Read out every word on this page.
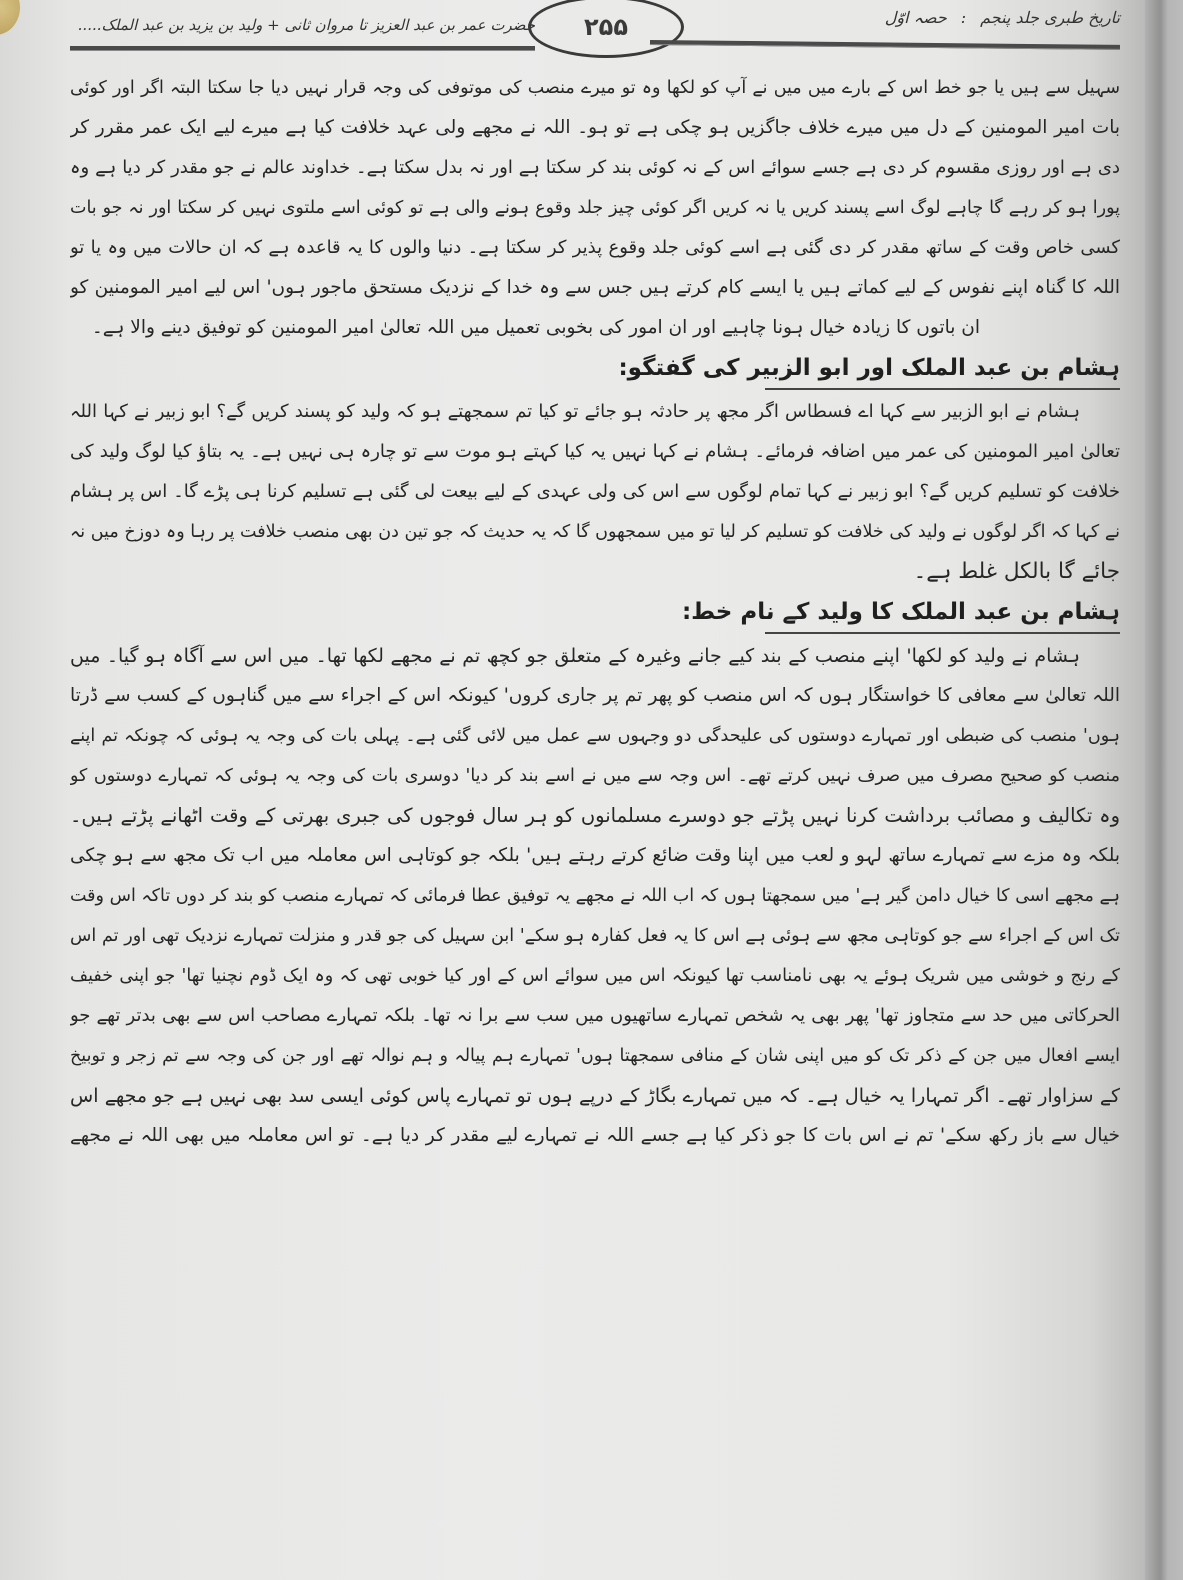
حضرت عمر بن عبد العزیز تا مروان ثانی + ولید بن یزید بن عبد الملک.....	۲۵۵	تاریخ طبری جلد پنجم:حصہ اوّل
سہیل سے ہیں یا جو خط اس کے بارے میں میں نے آپ کو لکھا وہ تو میرے منصب کی موتوفی کی وجہ قرار نہیں دیا جا سکتا البتہ اگر اور کوئی
بات امیر المومنین کے دل میں میرے خلاف جاگزیں ہو چکی ہے تو ہو۔ اللہ نے مجھے ولی عہد خلافت کیا ہے میرے لیے ایک عمر مقرر کر
دی ہے اور روزی مقسوم کر دی ہے جسے سوائے اس کے نہ کوئی بند کر سکتا ہے اور نہ بدل سکتا ہے۔ خداوند عالم نے جو مقدر کر دیا ہے وہ
پورا ہو کر رہے گا چاہے لوگ اسے پسند کریں یا نہ کریں اگر کوئی چیز جلد وقوع ہونے والی ہے تو کوئی اسے ملتوی نہیں کر سکتا اور نہ جو بات
کسی خاص وقت کے ساتھ مقدر کر دی گئی ہے اسے کوئی جلد وقوع پذیر کر سکتا ہے۔ دنیا والوں کا یہ قاعدہ ہے کہ ان حالات میں وہ یا تو
اللہ کا گناہ اپنے نفوس کے لیے کماتے ہیں یا ایسے کام کرتے ہیں جس سے وہ خدا کے نزدیک مستحق ماجور ہوں' اس لیے امیر المومنین کو
ان باتوں کا زیادہ خیال ہونا چاہیے اور ان امور کی بخوبی تعمیل میں اللہ تعالیٰ امیر المومنین کو توفیق دینے والا ہے۔
ہشام بن عبد الملک اور ابو الزبیر کی گفتگو:
ہشام نے ابو الزبیر سے کہا اے فسطاس اگر مجھ پر حادثہ ہو جائے تو کیا تم سمجھتے ہو کہ ولید کو پسند کریں گے؟ ابو زبیر نے کہا اللہ
تعالیٰ امیر المومنین کی عمر میں اضافہ فرمائے۔ ہشام نے کہا نہیں یہ کیا کہتے ہو موت سے تو چارہ ہی نہیں ہے۔ یہ بتاؤ کیا لوگ ولید کی
خلافت کو تسلیم کریں گے؟ ابو زبیر نے کہا تمام لوگوں سے اس کی ولی عہدی کے لیے بیعت لی گئی ہے تسلیم کرنا ہی پڑے گا۔ اس پر ہشام
نے کہا کہ اگر لوگوں نے ولید کی خلافت کو تسلیم کر لیا تو میں سمجھوں گا کہ یہ حدیث کہ جو تین دن بھی منصب خلافت پر رہا وہ دوزخ میں نہ
جائے گا بالکل غلط ہے۔
ہشام بن عبد الملک کا ولید کے نام خط:
ہشام نے ولید کو لکھا' اپنے منصب کے بند کیے جانے وغیرہ کے متعلق جو کچھ تم نے مجھے لکھا تھا۔ میں اس سے آگاہ ہو گیا۔ میں
اللہ تعالیٰ سے معافی کا خواستگار ہوں کہ اس منصب کو پھر تم پر جاری کروں' کیونکہ اس کے اجراء سے میں گناہوں کے کسب سے ڈرتا
ہوں' منصب کی ضبطی اور تمہارے دوستوں کی علیحدگی دو وجہوں سے عمل میں لائی گئی ہے۔ پہلی بات کی وجہ یہ ہوئی کہ چونکہ تم اپنے
منصب کو صحیح مصرف میں صرف نہیں کرتے تھے۔ اس وجہ سے میں نے اسے بند کر دیا' دوسری بات کی وجہ یہ ہوئی کہ تمہارے دوستوں کو
وہ تکالیف و مصائب برداشت کرنا نہیں پڑتے جو دوسرے مسلمانوں کو ہر سال فوجوں کی جبری بھرتی کے وقت اٹھانے پڑتے ہیں۔
بلکہ وہ مزے سے تمہارے ساتھ لہو و لعب میں اپنا وقت ضائع کرتے رہتے ہیں' بلکہ جو کوتاہی اس معاملہ میں اب تک مجھ سے ہو چکی
ہے مجھے اسی کا خیال دامن گیر ہے' میں سمجھتا ہوں کہ اب اللہ نے مجھے یہ توفیق عطا فرمائی کہ تمہارے منصب کو بند کر دوں تاکہ اس وقت
تک اس کے اجراء سے جو کوتاہی مجھ سے ہوئی ہے اس کا یہ فعل کفارہ ہو سکے' ابن سہیل کی جو قدر و منزلت تمہارے نزدیک تھی اور تم اس
کے رنج و خوشی میں شریک ہوئے یہ بھی نامناسب تھا کیونکہ اس میں سوائے اس کے اور کیا خوبی تھی کہ وہ ایک ڈوم نچنیا تھا' جو اپنی خفیف
الحرکاتی میں حد سے متجاوز تھا' پھر بھی یہ شخص تمہارے ساتھیوں میں سب سے برا نہ تھا۔ بلکہ تمہارے مصاحب اس سے بھی بدتر تھے جو
ایسے افعال میں جن کے ذکر تک کو میں اپنی شان کے منافی سمجھتا ہوں' تمہارے ہم پیالہ و ہم نوالہ تھے اور جن کی وجہ سے تم زجر و توبیخ
کے سزاوار تھے۔ اگر تمہارا یہ خیال ہے۔ کہ میں تمہارے بگاڑ کے درپے ہوں تو تمہارے پاس کوئی ایسی سد بھی نہیں ہے جو مجھے اس
خیال سے باز رکھ سکے' تم نے اس بات کا جو ذکر کیا ہے جسے اللہ نے تمہارے لیے مقدر کر دیا ہے۔ تو اس معاملہ میں بھی اللہ نے مجھے
